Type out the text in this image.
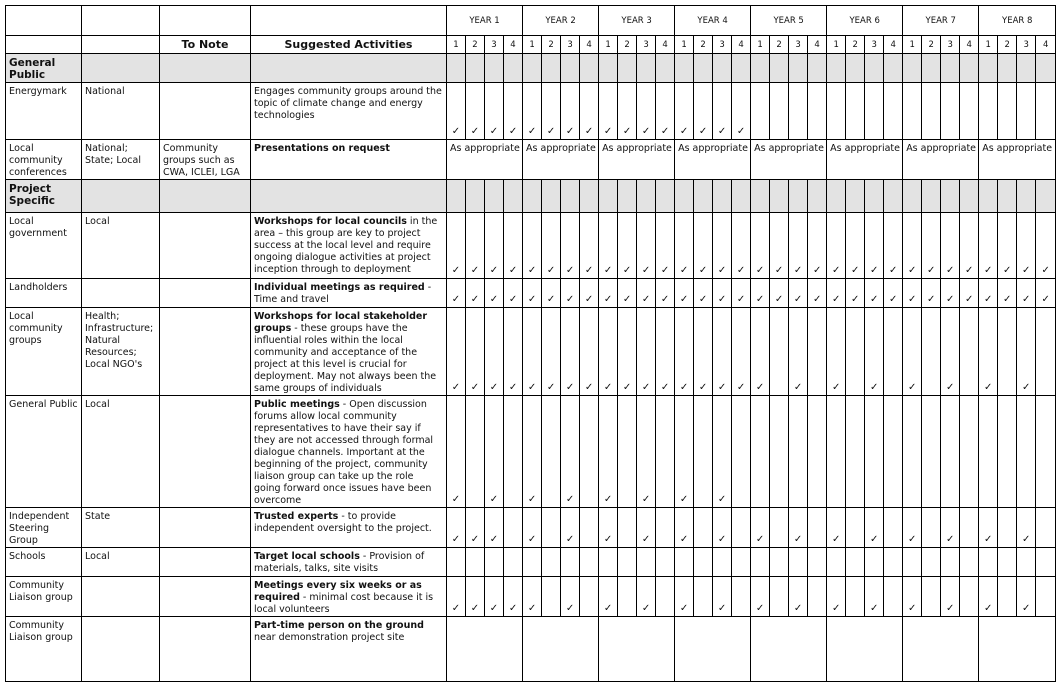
				YEAR 1				YEAR 2				YEAR 3				YEAR 4				YEAR 5				YEAR 6				YEAR 7				YEAR 8			
		To Note	Suggested Activities	1	2	3	4	1	2	3	4	1	2	3	4	1	2	3	4	1	2	3	4	1	2	3	4	1	2	3	4	1	2	3	4
General Public																																			
Energymark	National		Engages community groups around the topic of climate change and energy technologies	✓	✓	✓	✓	✓	✓	✓	✓	✓	✓	✓	✓	✓	✓	✓	✓																
Local community conferences	National; State; Local	Community groups such as CWA, ICLEI, LGA	Presentations on request	As appropriate				As appropriate				As appropriate				As appropriate				As appropriate				As appropriate				As appropriate				As appropriate			
Project Specific																																			
Local government	Local		Workshops for local councils in the area – this group are key to project success at the local level and require ongoing dialogue activities at project inception through to deployment	✓	✓	✓	✓	✓	✓	✓	✓	✓	✓	✓	✓	✓	✓	✓	✓	✓	✓	✓	✓	✓	✓	✓	✓	✓	✓	✓	✓	✓	✓	✓	✓
Landholders			Individual meetings as required - Time and travel	✓	✓	✓	✓	✓	✓	✓	✓	✓	✓	✓	✓	✓	✓	✓	✓	✓	✓	✓	✓	✓	✓	✓	✓	✓	✓	✓	✓	✓	✓	✓	✓
Local community groups	Health; Infrastructure; Natural Resources; Local NGO's		Workshops for local stakeholder groups - these groups have the influential roles within the local community and acceptance of the project at this level is crucial for deployment. May not always been the same groups of individuals	✓	✓	✓	✓	✓	✓	✓	✓	✓	✓	✓	✓	✓	✓	✓	✓	✓		✓		✓		✓		✓		✓		✓		✓	
General Public	Local		Public meetings - Open discussion forums allow local community representatives to have their say if they are not accessed through formal dialogue channels. Important at the beginning of the project, community liaison group can take up the role going forward once issues have been overcome	✓		✓		✓		✓		✓		✓		✓		✓																	
Independent Steering Group	State		Trusted experts - to provide independent oversight to the project.	✓	✓	✓		✓		✓		✓		✓		✓		✓		✓		✓		✓		✓		✓		✓		✓		✓	
Schools	Local		Target local schools - Provision of materials, talks, site visits																																
Community Liaison group			Meetings every six weeks or as required - minimal cost because it is local volunteers	✓	✓	✓	✓	✓		✓		✓		✓		✓		✓		✓		✓		✓		✓		✓		✓		✓		✓	
Community Liaison group			Part-time person on the ground near demonstration project site																																
